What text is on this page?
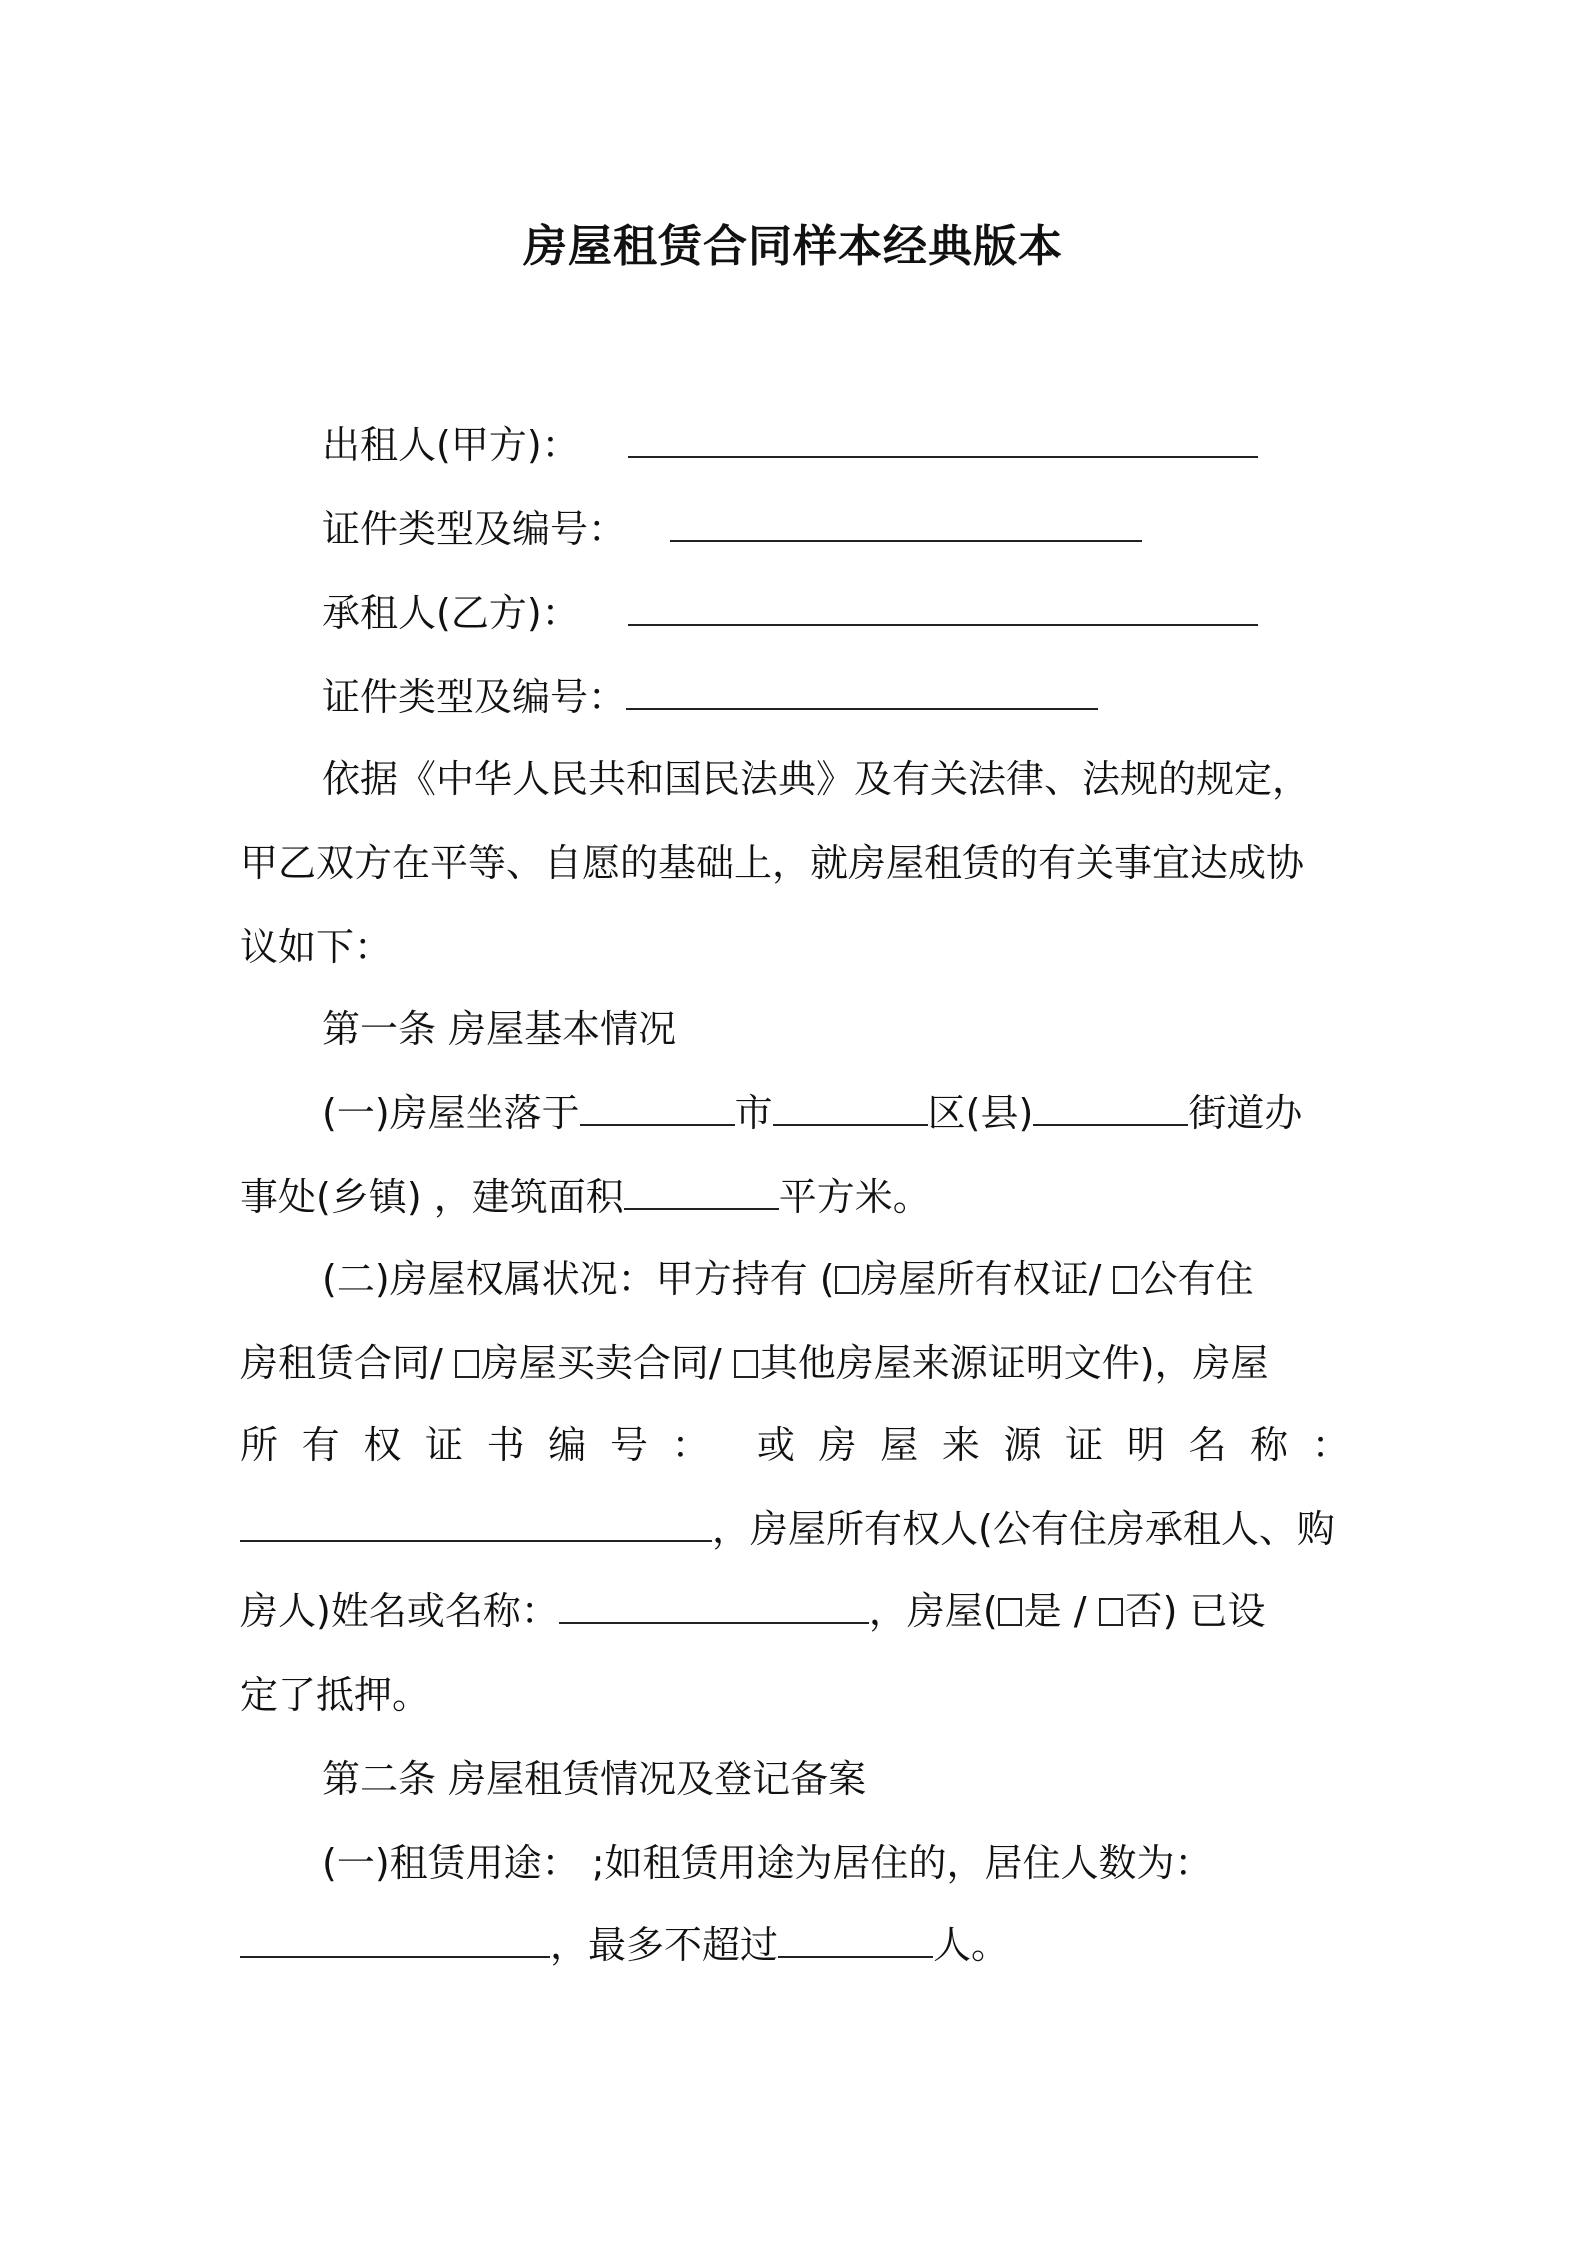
房屋租赁合同样本经典版本
出租人(甲方)：
证件类型及编号：
承租人(乙方)：
证件类型及编号：
依据《中华人民共和国民法典》及有关法律、法规的规定，
甲乙双方在平等、自愿的基础上，就房屋租赁的有关事宜达成协
议如下：
第一条 房屋基本情况
(一)房屋坐落于	市	区(县)	街道办
事处(乡镇) ，建筑面积	平方米。
(二)房屋权属状况：甲方持有 ( 房屋所有权证/ 公有住
房租赁合同/ 房屋买卖合同/ 其他房屋来源证明文件)，房屋
所 有 权 证 书 编 号 ： 或 房 屋 来 源 证 明 名 称 ：
，房屋所有权人(公有住房承租人、购
房人)姓名或名称：	，房屋( 是 / 否) 已设
定了抵押。
第二条 房屋租赁情况及登记备案
(一)租赁用途： ;如租赁用途为居住的，居住人数为：
，最多不超过	人。
